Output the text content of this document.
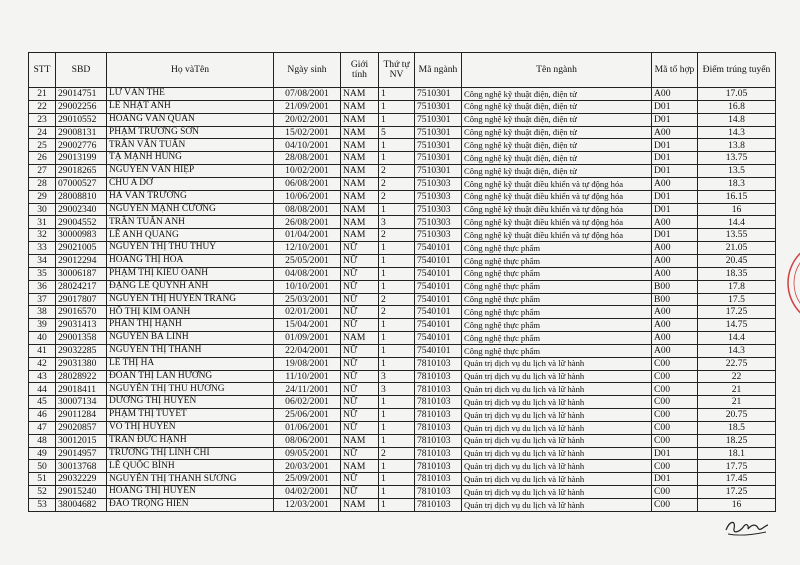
STT	SBD	Họ vàTên	Ngày sinh	Giới tính	Thứ tự NV	Mã ngành	Tên ngành	Mã tổ hợp	Điểm trúng tuyển
21	29014751	LỮ VĂN THẾ	07/08/2001	NAM	1	7510301	Công nghệ kỹ thuật điện, điện tử	A00	17.05
22	29002256	LÊ NHẬT ANH	21/09/2001	NAM	1	7510301	Công nghệ kỹ thuật điện, điện tử	D01	16.8
23	29010552	HOÀNG VĂN QUÂN	20/02/2001	NAM	1	7510301	Công nghệ kỹ thuật điện, điện tử	D01	14.8
24	29008131	PHẠM TRƯỜNG SƠN	15/02/2001	NAM	5	7510301	Công nghệ kỹ thuật điện, điện tử	A00	14.3
25	29002776	TRẦN VĂN TUẤN	04/10/2001	NAM	1	7510301	Công nghệ kỹ thuật điện, điện tử	D01	13.8
26	29013199	TẠ MẠNH HÙNG	28/08/2001	NAM	1	7510301	Công nghệ kỹ thuật điện, điện tử	D01	13.75
27	29018265	NGUYỄN VĂN HIỆP	10/02/2001	NAM	2	7510301	Công nghệ kỹ thuật điện, điện tử	D01	13.5
28	07000527	CHU A DƠ	06/08/2001	NAM	2	7510303	Công nghệ kỹ thuật điều khiển và tự động hóa	A00	18.3
29	28008810	HÀ VĂN TRƯỜNG	10/06/2001	NAM	2	7510303	Công nghệ kỹ thuật điều khiển và tự động hóa	D01	16.15
30	29002340	NGUYỄN MẠNH CƯỜNG	08/08/2001	NAM	1	7510303	Công nghệ kỹ thuật điều khiển và tự động hóa	D01	16
31	29004552	TRẦN TUẤN ANH	26/08/2001	NAM	3	7510303	Công nghệ kỹ thuật điều khiển và tự động hóa	A00	14.4
32	30000983	LÊ ANH QUANG	01/04/2001	NAM	2	7510303	Công nghệ kỹ thuật điều khiển và tự động hóa	D01	13.55
33	29021005	NGUYỄN THỊ THU THỦY	12/10/2001	NỮ	1	7540101	Công nghệ thực phẩm	A00	21.05
34	29012294	HOÀNG THỊ HÒA	25/05/2001	NỮ	1	7540101	Công nghệ thực phẩm	A00	20.45
35	30006187	PHẠM THỊ KIỀU OANH	04/08/2001	NỮ	1	7540101	Công nghệ thực phẩm	A00	18.35
36	28024217	ĐẶNG LÊ QUỲNH ANH	10/10/2001	NỮ	1	7540101	Công nghệ thực phẩm	B00	17.8
37	29017807	NGUYỄN THỊ HUYỀN TRANG	25/03/2001	NỮ	2	7540101	Công nghệ thực phẩm	B00	17.5
38	29016570	HỒ THỊ KIM OANH	02/01/2001	NỮ	2	7540101	Công nghệ thực phẩm	A00	17.25
39	29031413	PHAN THỊ HẠNH	15/04/2001	NỮ	1	7540101	Công nghệ thực phẩm	A00	14.75
40	29001358	NGUYỄN BÁ LINH	01/09/2001	NAM	1	7540101	Công nghệ thực phẩm	A00	14.4
41	29032285	NGUYỄN THỊ THÀNH	22/04/2001	NỮ	1	7540101	Công nghệ thực phẩm	A00	14.3
42	29031380	LÊ THỊ HÀ	19/08/2001	NỮ	1	7810103	Quản trị dịch vụ du lịch và lữ hành	C00	22.75
43	28028922	ĐOÀN THỊ LAN HƯƠNG	11/10/2001	NỮ	3	7810103	Quản trị dịch vụ du lịch và lữ hành	C00	22
44	29018411	NGUYỄN THỊ THU HƯƠNG	24/11/2001	NỮ	3	7810103	Quản trị dịch vụ du lịch và lữ hành	C00	21
45	30007134	DƯƠNG THỊ HUYỀN	06/02/2001	NỮ	1	7810103	Quản trị dịch vụ du lịch và lữ hành	C00	21
46	29011284	PHẠM THỊ TUYẾT	25/06/2001	NỮ	1	7810103	Quản trị dịch vụ du lịch và lữ hành	C00	20.75
47	29020857	VÕ THỊ HUYỀN	01/06/2001	NỮ	1	7810103	Quản trị dịch vụ du lịch và lữ hành	C00	18.5
48	30012015	TRẦN ĐỨC HẠNH	08/06/2001	NAM	1	7810103	Quản trị dịch vụ du lịch và lữ hành	C00	18.25
49	29014957	TRƯƠNG THỊ LINH CHI	09/05/2001	NỮ	2	7810103	Quản trị dịch vụ du lịch và lữ hành	D01	18.1
50	30013768	LÊ QUỐC BÌNH	20/03/2001	NAM	1	7810103	Quản trị dịch vụ du lịch và lữ hành	C00	17.75
51	29032229	NGUYỄN THỊ THANH SƯƠNG	25/09/2001	NỮ	1	7810103	Quản trị dịch vụ du lịch và lữ hành	D01	17.45
52	29015240	HOÀNG THỊ HUYỀN	04/02/2001	NỮ	1	7810103	Quản trị dịch vụ du lịch và lữ hành	C00	17.25
53	38004682	ĐÀO TRỌNG HIỂN	12/03/2001	NAM	1	7810103	Quản trị dịch vụ du lịch và lữ hành	C00	16
